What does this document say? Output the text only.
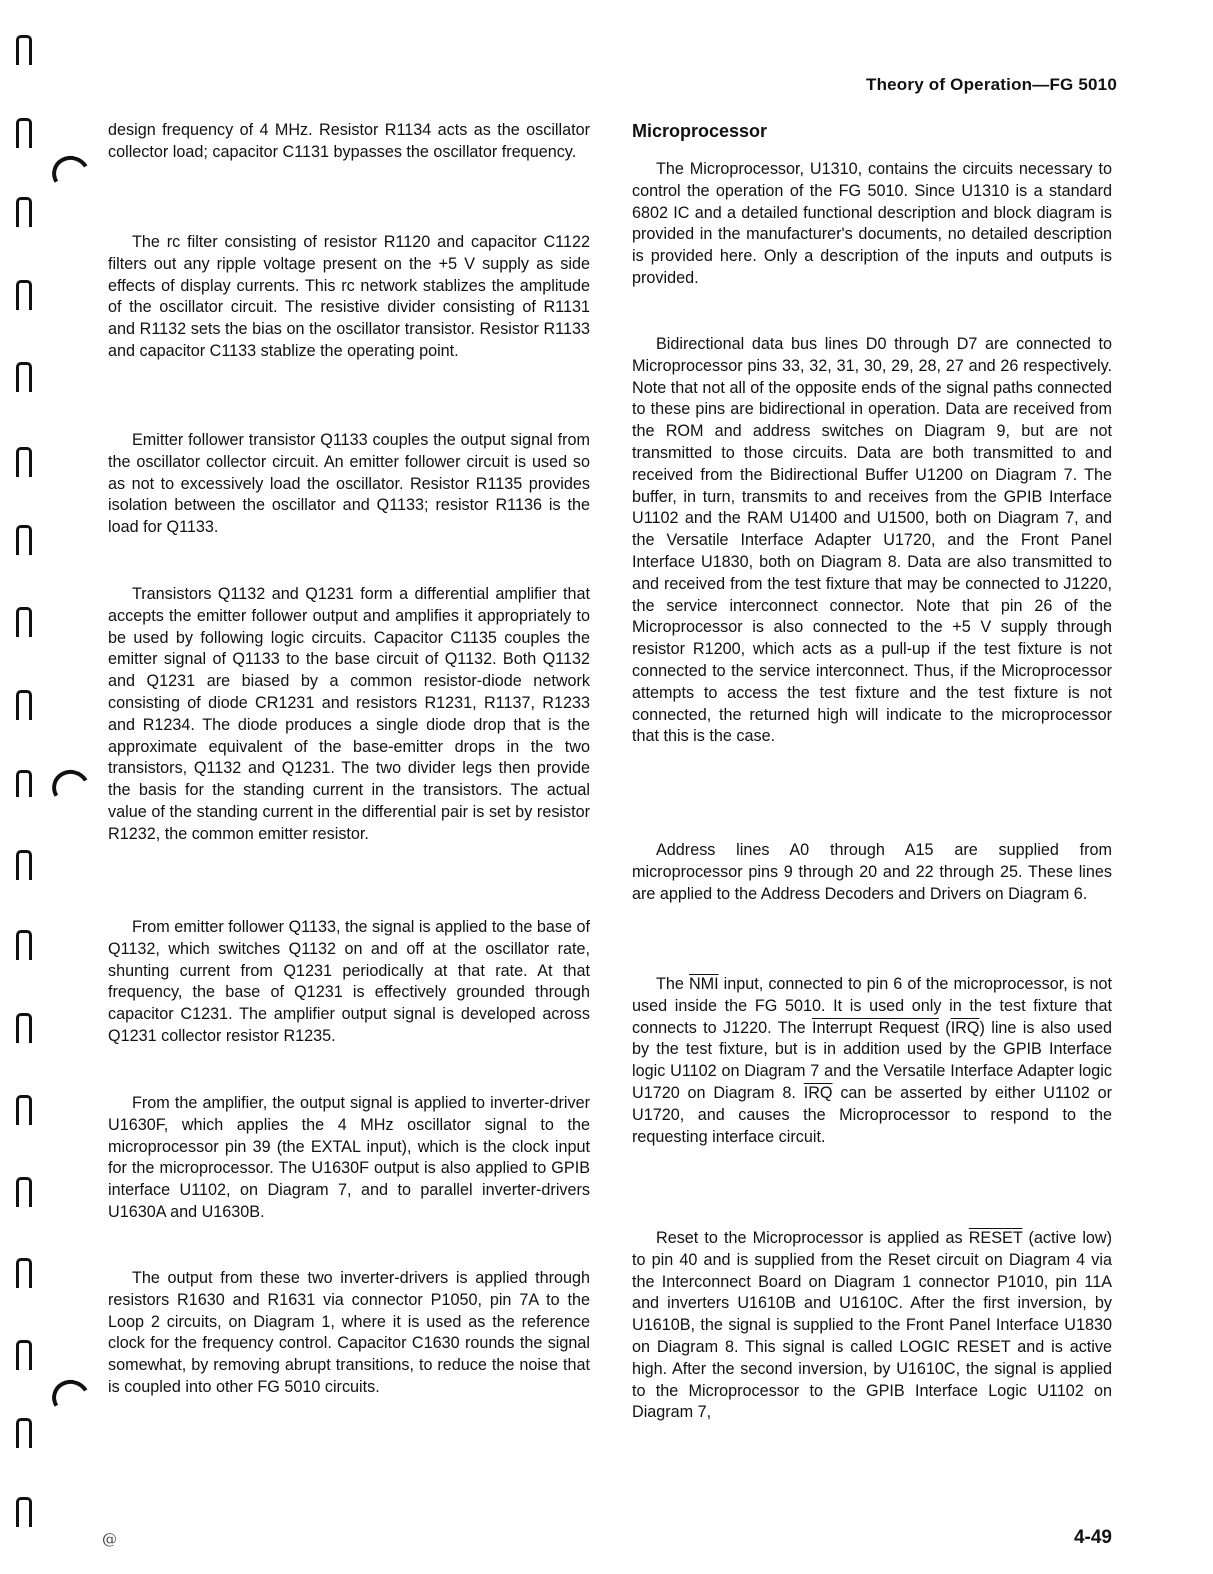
Theory of Operation—FG 5010
design frequency of 4 MHz. Resistor R1134 acts as the oscillator collector load; capacitor C1131 bypasses the oscillator frequency.
The rc filter consisting of resistor R1120 and capacitor C1122 filters out any ripple voltage present on the +5 V supply as side effects of display currents. This rc network stablizes the amplitude of the oscillator circuit. The resistive divider consisting of R1131 and R1132 sets the bias on the oscillator transistor. Resistor R1133 and capacitor C1133 stablize the operating point.
Emitter follower transistor Q1133 couples the output signal from the oscillator collector circuit. An emitter follower circuit is used so as not to excessively load the oscillator. Resistor R1135 provides isolation between the oscillator and Q1133; resistor R1136 is the load for Q1133.
Transistors Q1132 and Q1231 form a differential amplifier that accepts the emitter follower output and amplifies it appropriately to be used by following logic circuits. Capacitor C1135 couples the emitter signal of Q1133 to the base circuit of Q1132. Both Q1132 and Q1231 are biased by a common resistor-diode network consisting of diode CR1231 and resistors R1231, R1137, R1233 and R1234. The diode produces a single diode drop that is the approximate equivalent of the base-emitter drops in the two transistors, Q1132 and Q1231. The two divider legs then provide the basis for the standing current in the transistors. The actual value of the standing current in the differential pair is set by resistor R1232, the common emitter resistor.
From emitter follower Q1133, the signal is applied to the base of Q1132, which switches Q1132 on and off at the oscillator rate, shunting current from Q1231 periodically at that rate. At that frequency, the base of Q1231 is effectively grounded through capacitor C1231. The amplifier output signal is developed across Q1231 collector resistor R1235.
From the amplifier, the output signal is applied to inverter-driver U1630F, which applies the 4 MHz oscillator signal to the microprocessor pin 39 (the EXTAL input), which is the clock input for the microprocessor. The U1630F output is also applied to GPIB interface U1102, on Diagram 7, and to parallel inverter-drivers U1630A and U1630B.
The output from these two inverter-drivers is applied through resistors R1630 and R1631 via connector P1050, pin 7A to the Loop 2 circuits, on Diagram 1, where it is used as the reference clock for the frequency control. Capacitor C1630 rounds the signal somewhat, by removing abrupt transitions, to reduce the noise that is coupled into other FG 5010 circuits.
Microprocessor
The Microprocessor, U1310, contains the circuits necessary to control the operation of the FG 5010. Since U1310 is a standard 6802 IC and a detailed functional description and block diagram is provided in the manufacturer's documents, no detailed description is provided here. Only a description of the inputs and outputs is provided.
Bidirectional data bus lines D0 through D7 are connected to Microprocessor pins 33, 32, 31, 30, 29, 28, 27 and 26 respectively. Note that not all of the opposite ends of the signal paths connected to these pins are bidirectional in operation. Data are received from the ROM and address switches on Diagram 9, but are not transmitted to those circuits. Data are both transmitted to and received from the Bidirectional Buffer U1200 on Diagram 7. The buffer, in turn, transmits to and receives from the GPIB Interface U1102 and the RAM U1400 and U1500, both on Diagram 7, and the Versatile Interface Adapter U1720, and the Front Panel Interface U1830, both on Diagram 8. Data are also transmitted to and received from the test fixture that may be connected to J1220, the service interconnect connector. Note that pin 26 of the Microprocessor is also connected to the +5 V supply through resistor R1200, which acts as a pull-up if the test fixture is not connected to the service interconnect. Thus, if the Microprocessor attempts to access the test fixture and the test fixture is not connected, the returned high will indicate to the microprocessor that this is the case.
Address lines A0 through A15 are supplied from microprocessor pins 9 through 20 and 22 through 25. These lines are applied to the Address Decoders and Drivers on Diagram 6.
The $\overline{NMI}$ input, connected to pin 6 of the microprocessor, is not used inside the FG 5010. It is used only in the test fixture that connects to J1220. The Interrupt Request $(\overline{IRQ})$ line is also used by the test fixture, but is in addition used by the GPIB Interface logic U1102 on Diagram 7 and the Versatile Interface Adapter logic U1720 on Diagram 8. $\overline{IRQ}$ can be asserted by either U1102 or U1720, and causes the Microprocessor to respond to the requesting interface circuit.
Reset to the Microprocessor is applied as RESET (active low) to pin 40 and is supplied from the Reset circuit on Diagram 4 via the Interconnect Board on Diagram 1 connector P1010, pin 11A and inverters U1610B and U1610C. After the first inversion, by U1610B, the signal is supplied to the Front Panel Interface U1830 on Diagram 8. This signal is called LOGIC RESET and is active high. After the second inversion, by U1610C, the signal is applied to the Microprocessor to the GPIB Interface Logic U1102 on Diagram 7,
@	4-49
